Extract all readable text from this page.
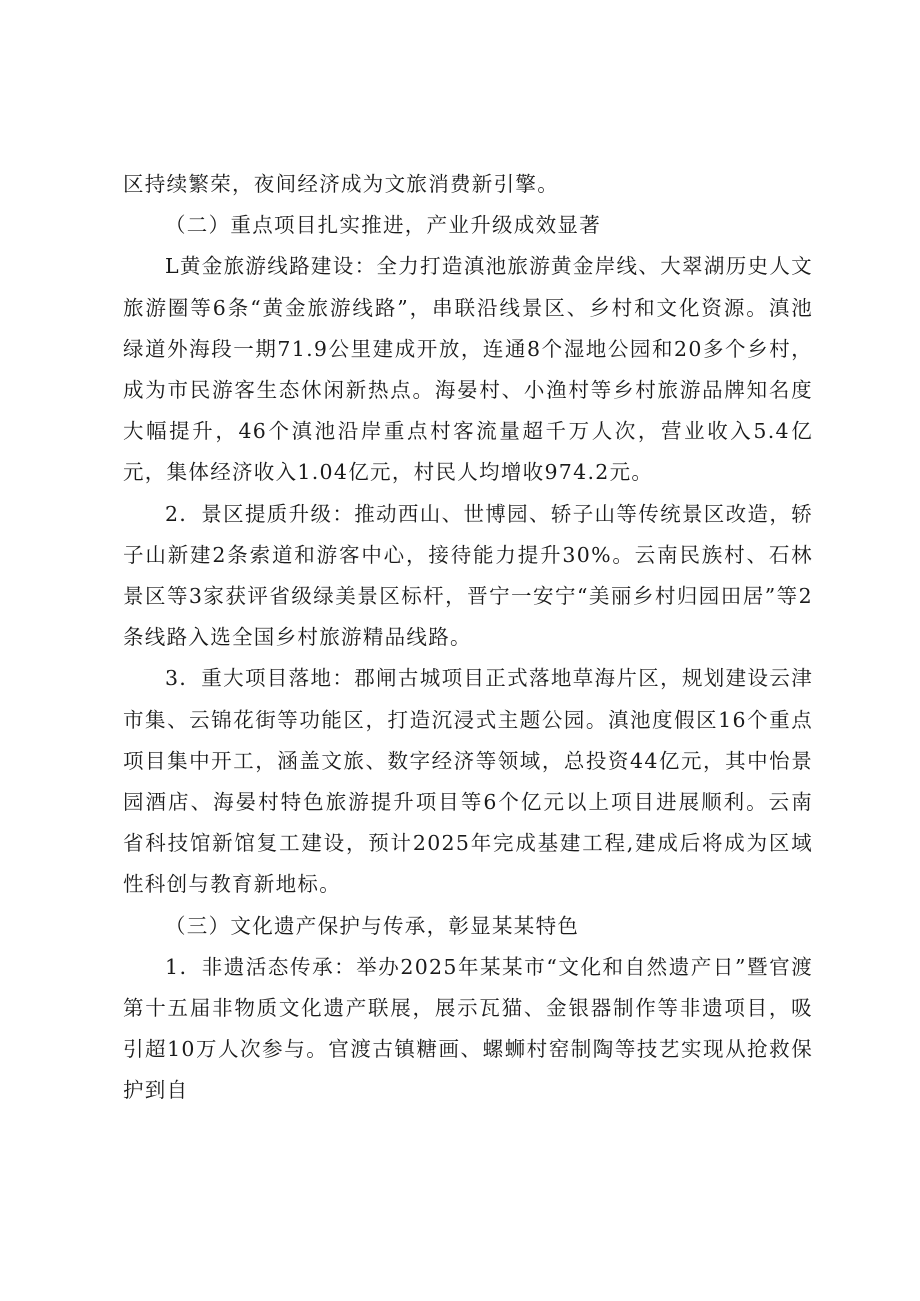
区持续繁荣，夜间经济成为文旅消费新引擎。

（二）重点项目扎实推进，产业升级成效显著

L黄金旅游线路建设：全力打造滇池旅游黄金岸线、大翠湖历史人文旅游圈等6条“黄金旅游线路”，串联沿线景区、乡村和文化资源。滇池绿道外海段一期71.9公里建成开放，连通8个湿地公园和20多个乡村，成为市民游客生态休闲新热点。海晏村、小渔村等乡村旅游品牌知名度大幅提升，46个滇池沿岸重点村客流量超千万人次，营业收入5.4亿元，集体经济收入1.04亿元，村民人均增收974.2元。

2．景区提质升级：推动西山、世博园、轿子山等传统景区改造，轿子山新建2条索道和游客中心，接待能力提升30%。云南民族村、石林景区等3家获评省级绿美景区标杆，晋宁一安宁“美丽乡村归园田居”等2条线路入选全国乡村旅游精品线路。

3．重大项目落地：郡闸古城项目正式落地草海片区，规划建设云津市集、云锦花街等功能区，打造沉浸式主题公园。滇池度假区16个重点项目集中开工，涵盖文旅、数字经济等领域，总投资44亿元，其中怡景园酒店、海晏村特色旅游提升项目等6个亿元以上项目进展顺利。云南省科技馆新馆复工建设，预计2025年完成基建工程,建成后将成为区域性科创与教育新地标。

（三）文化遗产保护与传承，彰显某某特色

1．非遗活态传承：举办2025年某某市“文化和自然遗产日”暨官渡第十五届非物质文化遗产联展，展示瓦猫、金银器制作等非遗项目，吸引超10万人次参与。官渡古镇糖画、螺蛳村窑制陶等技艺实现从抢救保护到自
